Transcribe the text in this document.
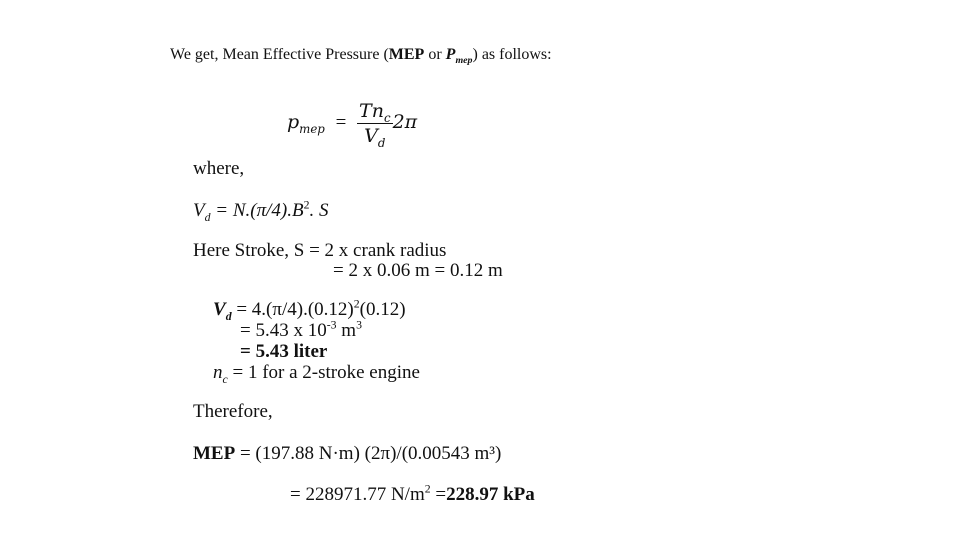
We get, Mean Effective Pressure (MEP or $P_{mep}$) as follows:
$p_{mep} = \frac{Tn_c}{V_d} 2\pi$
where,
$V_d = N.(\pi/4).B^2$. S
Here Stroke, S = 2 x crank radius
= 2 x 0.06 m = 0.12 m
$V_d = 4.(\pi/4).(0.12)^2(0.12)$
= 5.43 x $10^{-3}$ $m^3$
= 5.43 liter
$n_c = 1$ for a 2-stroke engine
Therefore,
MEP = (197.88 N·m) (2π)/(0.00543 m³)
= 228971.77 $N/m^2 =228.97$ kPa
